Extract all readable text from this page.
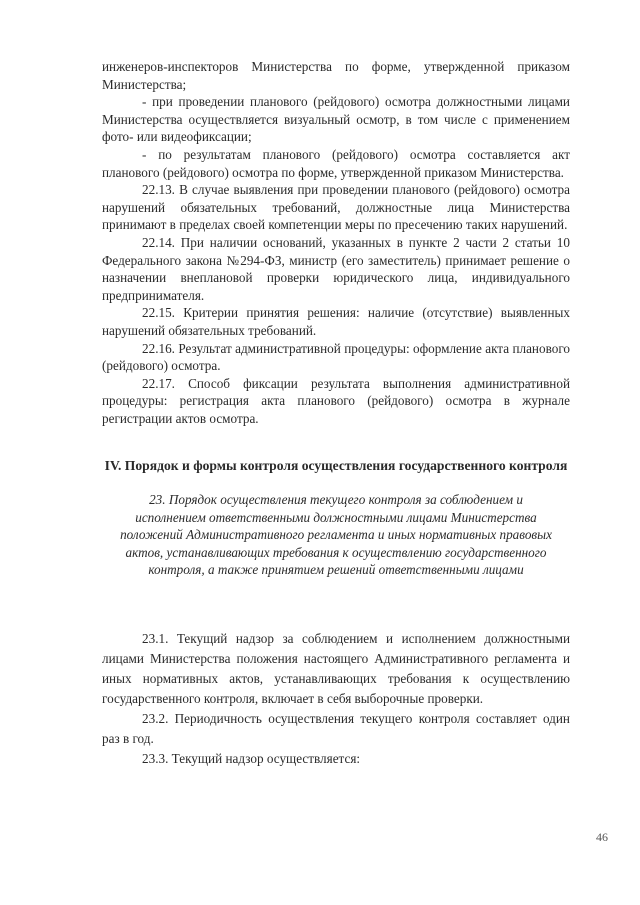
инженеров-инспекторов Министерства по форме, утвержденной приказом Министерства;

- при проведении планового (рейдового) осмотра должностными лицами Министерства осуществляется визуальный осмотр, в том числе с применением фото- или видеофиксации;

- по результатам планового (рейдового) осмотра составляется акт планового (рейдового) осмотра по форме, утвержденной приказом Министерства.

22.13. В случае выявления при проведении планового (рейдового) осмотра нарушений обязательных требований, должностные лица Министерства принимают в пределах своей компетенции меры по пресечению таких нарушений.

22.14. При наличии оснований, указанных в пункте 2 части 2 статьи 10 Федерального закона №294-ФЗ, министр (его заместитель) принимает решение о назначении внеплановой проверки юридического лица, индивидуального предпринимателя.

22.15. Критерии принятия решения: наличие (отсутствие) выявленных нарушений обязательных требований.

22.16. Результат административной процедуры: оформление акта планового (рейдового) осмотра.

22.17. Способ фиксации результата выполнения административной процедуры: регистрация акта планового (рейдового) осмотра в журнале регистрации актов осмотра.

IV. Порядок и формы контроля осуществления государственного контроля
23. Порядок осуществления текущего контроля за соблюдением и исполнением ответственными должностными лицами Министерства положений Административного регламента и иных нормативных правовых актов, устанавливающих требования к осуществлению государственного контроля, а также принятием решений ответственными лицами

23.1. Текущий надзор за соблюдением и исполнением должностными лицами Министерства положения настоящего Административного регламента и иных нормативных актов, устанавливающих требования к осуществлению государственного контроля, включает в себя выборочные проверки.

23.2. Периодичность осуществления текущего контроля составляет один раз в год.

23.3. Текущий надзор осуществляется:

46
